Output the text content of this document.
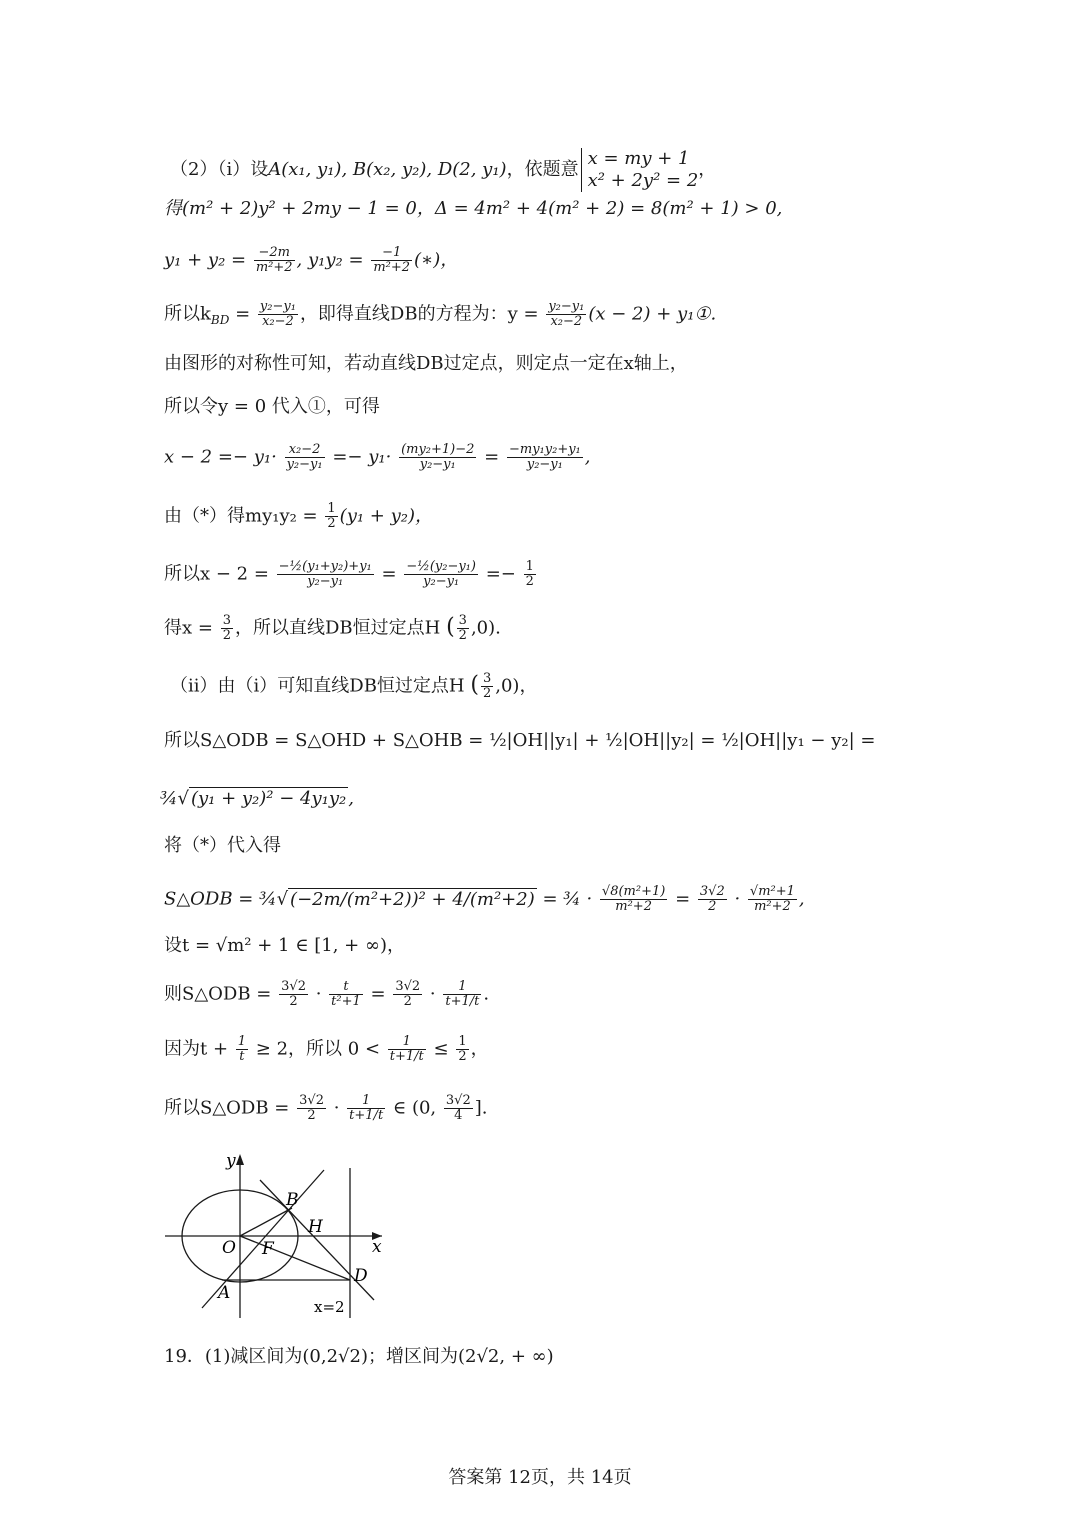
（2）（i）设A(x₁, y₁), B(x₂, y₂), D(2, y₁)，依题意
x = my + 1
x² + 2y² = 2
，
得(m² + 2)y² + 2my − 1 = 0，Δ = 4m² + 4(m² + 2) = 8(m² + 1) > 0,
$y_1 + y_2 = \frac{-2m}{\text{m²+2}}$ , $y_1y_2 = \frac{-1}{\text{m²+2}}$ (∗)，
所以$k_{BD} = \frac{\text{y₂−y₁}}{\text{x₂−2}}$ ，即得直线DB的方程为：$y = \frac{\text{y₂−y₁}}{\text{x₂−2}} (x - 2)$ + y₁①.
由图形的对称性可知，若动直线DB过定点，则定点一定在x轴上，
所以令y = 0 代入①，可得
$x - 2 =- y_1\cdot \frac{\text{x₂−2}}{\text{y₂−y₁}} =- y_1\cdot \frac{\text{(my₂+1)−2}}{\text{y₂−y₁}} = \frac{\text{−my₁y₂+y₁}}{\text{y₂−y₁}}$ ,
由（*）得$my_1y_2 = \frac{1}{2} (y_1 + y_2)$，
所以$x - 2 = \frac{\text{−½(y₁+y₂)+y₁}}{\text{y₂−y₁}} = \frac{\text{−½(y₂−y₁)}}{\text{y₂−y₁}} =- \frac{1}{2}$
得$x = \frac{3}{2}$ ，所以直线DB恒过定点H ( $\frac{3}{2} ,0$).
（ii）由（i）可知直线DB恒过定点H ( $\frac{3}{2} ,0$)，
所以S△ODB = S△OHD + S△OHB = ½|OH||y₁| + ½|OH||y₂| = ½|OH||y₁ − y₂| =
¾√ (y₁ + y₂)² − 4y₁y₂ ,
将（*）代入得
S△ODB = ¾√ (−2m/(m²+2))² + 4/(m²+2) = ¾ · $\frac{\text{√8(m²+1)}}{\text{m²+2}} = \frac{3√2}{2} \cdot \frac{\text{√m²+1}}{\text{m²+2}}$ ,
设t = √m² + 1 ∈ [1, + ∞)，
则S△ODB = $\frac{3√2}{2} \cdot \frac{t}{\text{t²+1}} = \frac{3√2}{2} \cdot \frac{1}{t+1/t}$ .
因为$t + \frac{1}{t} \ge 2$，所以 $0 < \frac{1}{t+1/t} \le \frac{1}{2}$ ，
所以S△ODB = $\frac{3√2}{2} \cdot \frac{1}{t+1/t}$ ∈ (0, $\frac{3√2}{4}$ ].
y
x
O
B
H
F
D
A
x=2
19．(1)减区间为(0,2√2)；增区间为(2√2, + ∞)
答案第 12页，共 14页
